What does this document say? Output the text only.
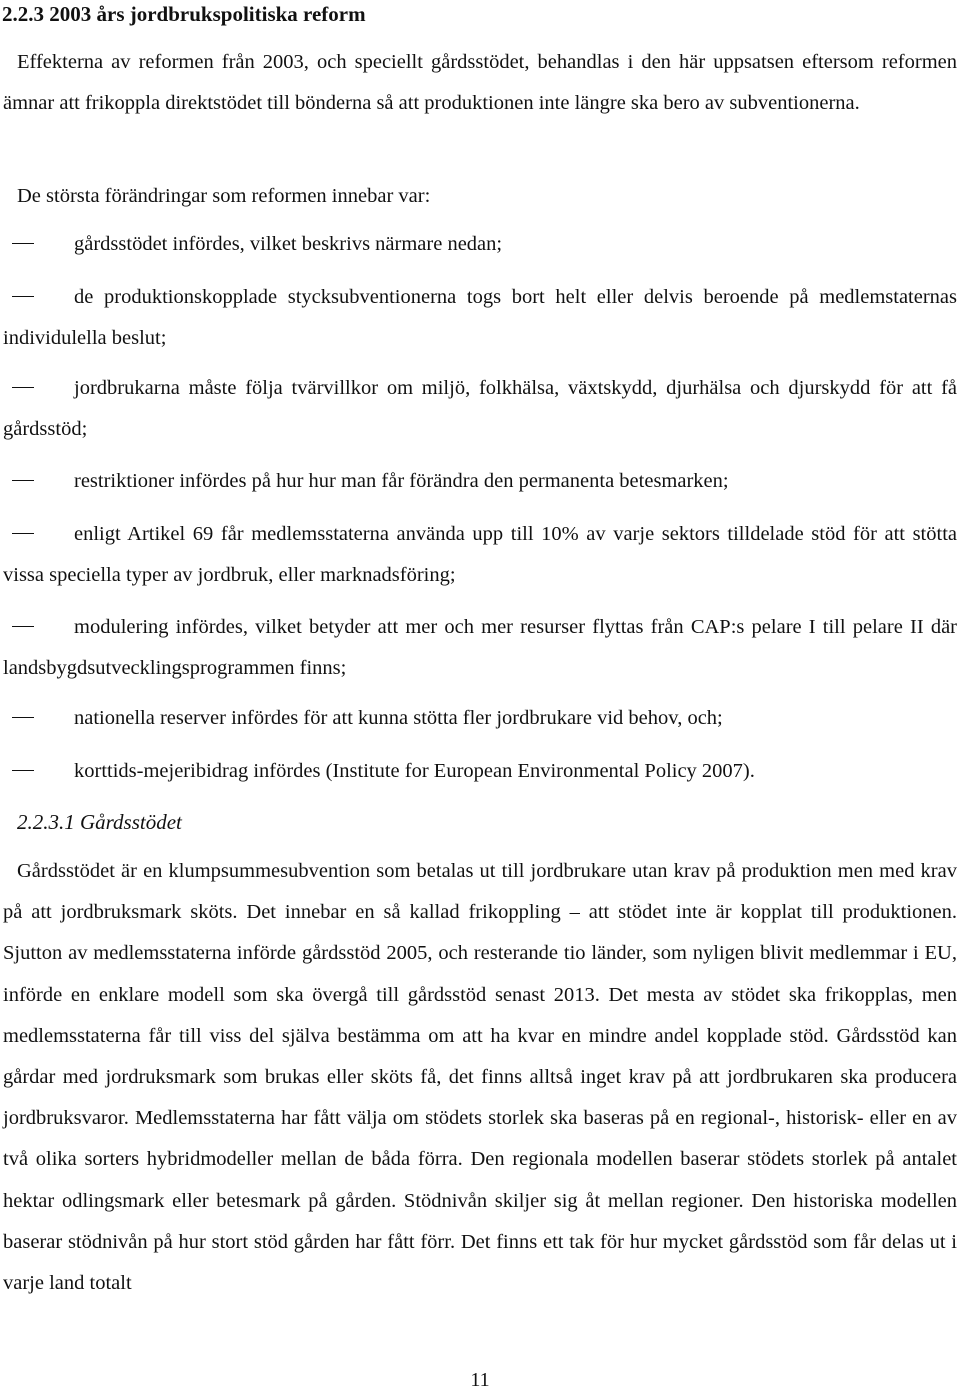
2.2.3 2003 års jordbrukspolitiska reform

Effekterna av reformen från 2003, och speciellt gårdsstödet, behandlas i den här uppsatsen eftersom reformen ämnar att frikoppla direktstödet till bönderna så att produktionen inte längre ska bero av subventionerna.

De största förändringar som reformen innebar var:

gårdsstödet infördes, vilket beskrivs närmare nedan;

de produktionskopplade stycksubventionerna togs bort helt eller delvis beroende på medlemstaternas individulella beslut;

jordbrukarna måste följa tvärvillkor om miljö, folkhälsa, växtskydd, djurhälsa och djurskydd för att få gårdsstöd;

restriktioner infördes på hur hur man får förändra den permanenta betesmarken;

enligt Artikel 69 får medlemsstaterna använda upp till 10% av varje sektors tilldelade stöd för att stötta vissa speciella typer av jordbruk, eller marknadsföring;

modulering infördes, vilket betyder att mer och mer resurser flyttas från CAP:s pelare I till pelare II där landsbygdsutvecklingsprogrammen finns;

nationella reserver infördes för att kunna stötta fler jordbrukare vid behov, och;

korttids-mejeribidrag infördes (Institute for European Environmental Policy 2007).

2.2.3.1 Gårdsstödet

Gårdsstödet är en klumpsummesubvention som betalas ut till jordbrukare utan krav på produktion men med krav på att jordbruksmark sköts. Det innebar en så kallad frikoppling – att stödet inte är kopplat till produktionen. Sjutton av medlemsstaterna införde gårdsstöd 2005, och resterande tio länder, som nyligen blivit medlemmar i EU, införde en enklare modell som ska övergå till gårdsstöd senast 2013. Det mesta av stödet ska frikopplas, men medlemsstaterna får till viss del själva bestämma om att ha kvar en mindre andel kopplade stöd. Gårdsstöd kan gårdar med jordruksmark som brukas eller sköts få, det finns alltså inget krav på att jordbrukaren ska producera jordbruksvaror. Medlemsstaterna har fått välja om stödets storlek ska baseras på en regional-, historisk- eller en av två olika sorters hybridmodeller mellan de båda förra. Den regionala modellen baserar stödets storlek på antalet hektar odlingsmark eller betesmark på gården. Stödnivån skiljer sig åt mellan regioner. Den historiska modellen baserar stödnivån på hur stort stöd gården har fått förr. Det finns ett tak för hur mycket gårdsstöd som får delas ut i varje land totalt

11
